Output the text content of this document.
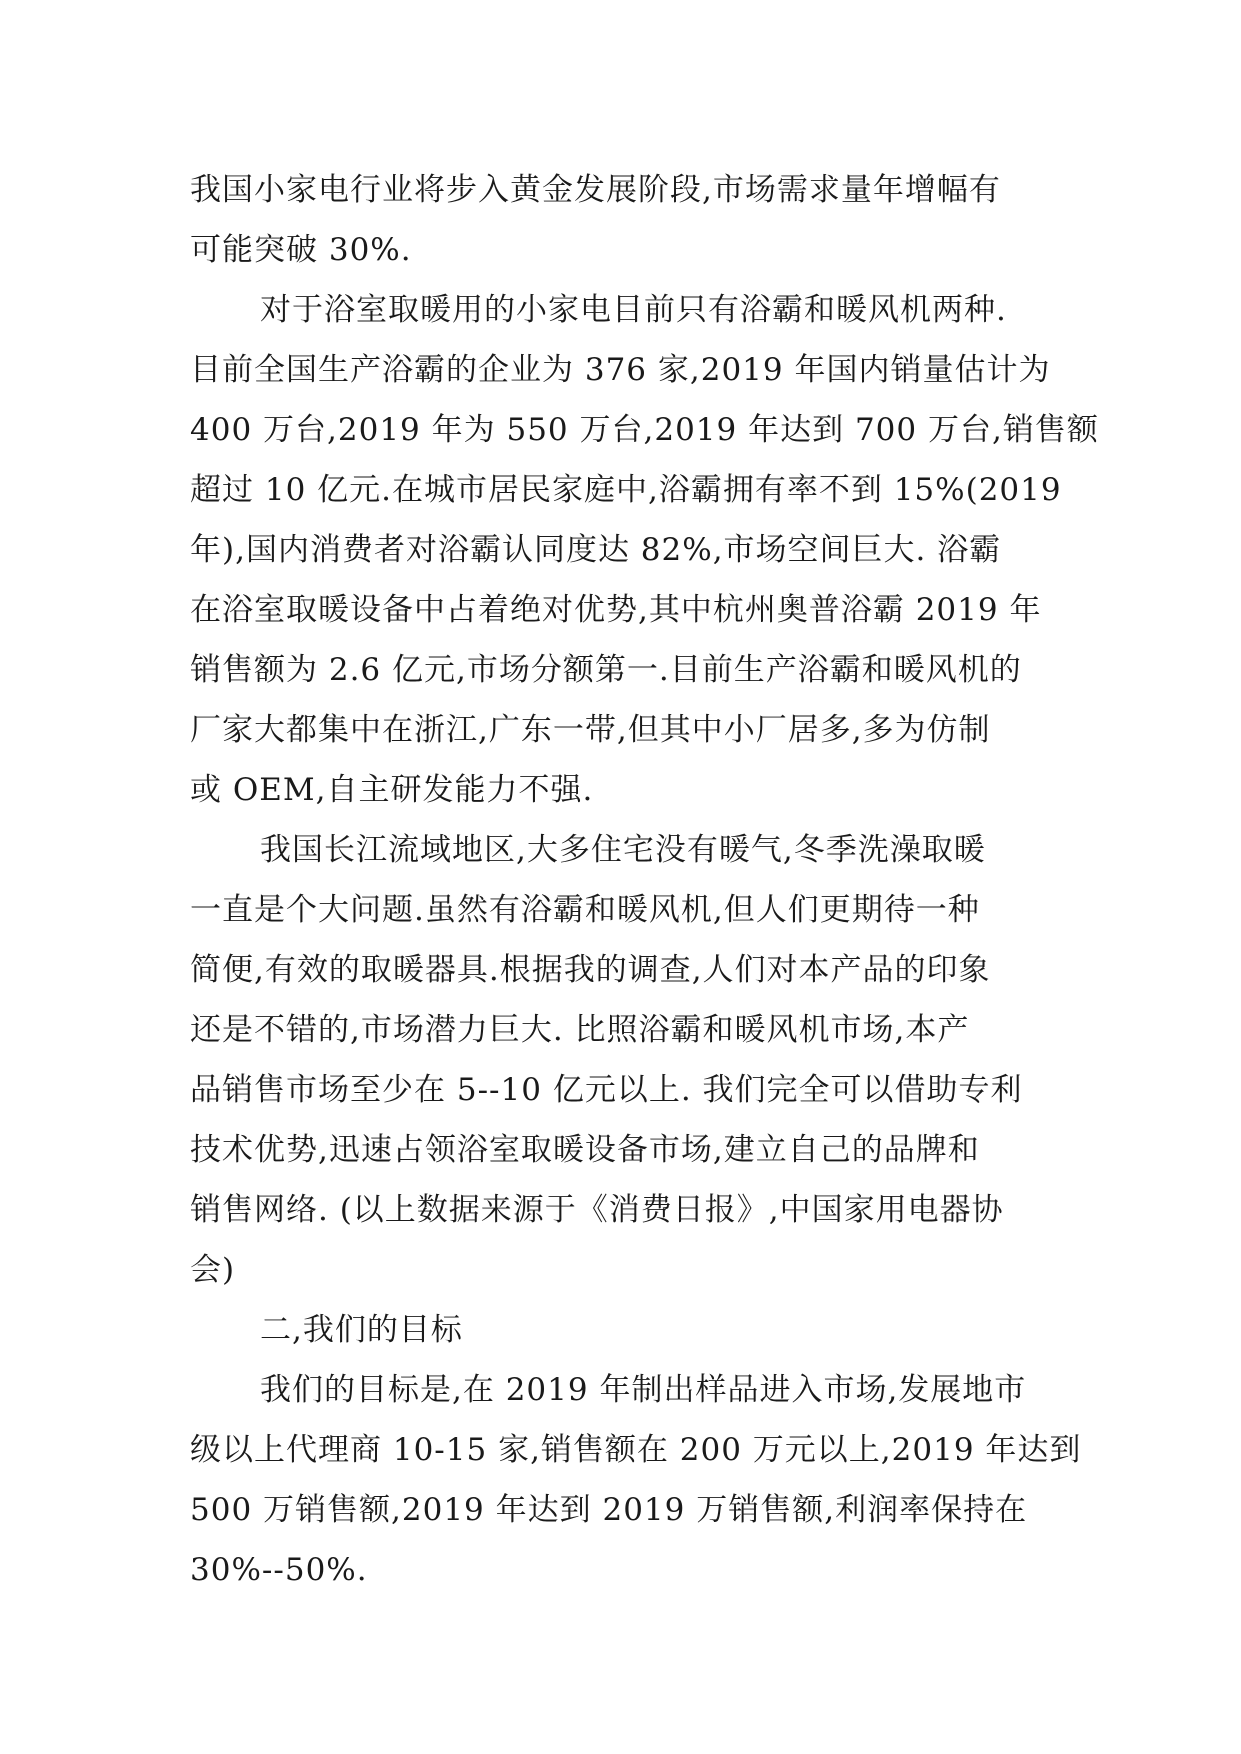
我国小家电行业将步入黄金发展阶段,市场需求量年增幅有
可能突破 30%.
对于浴室取暖用的小家电目前只有浴霸和暖风机两种.
目前全国生产浴霸的企业为 376 家,2019 年国内销量估计为
400 万台,2019 年为 550 万台,2019 年达到 700 万台,销售额
超过 10 亿元.在城市居民家庭中,浴霸拥有率不到 15%(2019
年),国内消费者对浴霸认同度达 82%,市场空间巨大. 浴霸
在浴室取暖设备中占着绝对优势,其中杭州奥普浴霸 2019 年
销售额为 2.6 亿元,市场分额第一.目前生产浴霸和暖风机的
厂家大都集中在浙江,广东一带,但其中小厂居多,多为仿制
或 OEM,自主研发能力不强.
我国长江流域地区,大多住宅没有暖气,冬季洗澡取暖
一直是个大问题.虽然有浴霸和暖风机,但人们更期待一种
简便,有效的取暖器具.根据我的调查,人们对本产品的印象
还是不错的,市场潜力巨大. 比照浴霸和暖风机市场,本产
品销售市场至少在 5--10 亿元以上. 我们完全可以借助专利
技术优势,迅速占领浴室取暖设备市场,建立自己的品牌和
销售网络. (以上数据来源于《消费日报》,中国家用电器协
会)
二,我们的目标
我们的目标是,在 2019 年制出样品进入市场,发展地市
级以上代理商 10-15 家,销售额在 200 万元以上,2019 年达到
500 万销售额,2019 年达到 2019 万销售额,利润率保持在
30%--50%.
